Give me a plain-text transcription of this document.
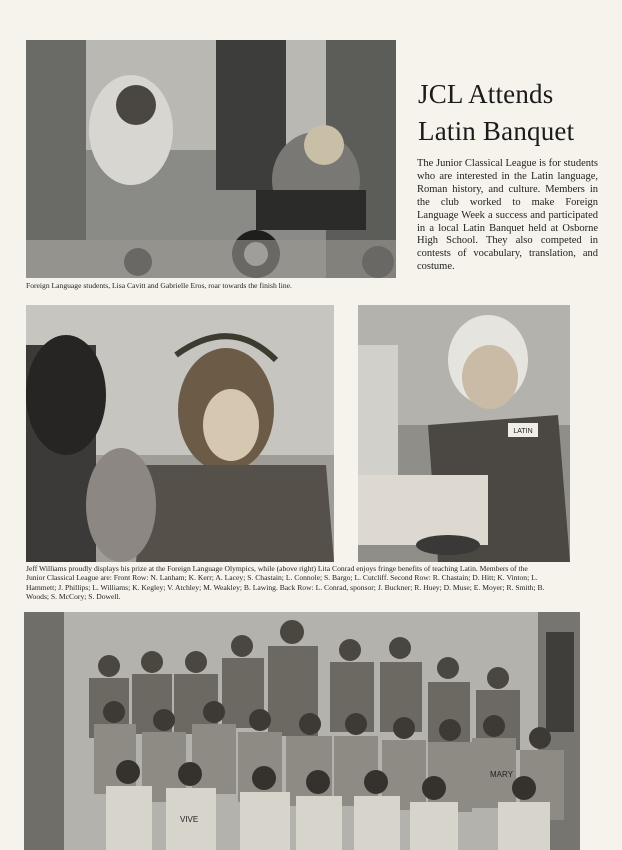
Foreign Language students, Lisa Cavitt and Gabrielle Eros, roar towards the finish line.

JCL Attends
Latin Banquet

The Junior Classical League is for students who are interested in the Latin language, Roman history, and culture. Members in the club worked to make Foreign Language Week a success and participated in a local Latin Banquet held at Osborne High School. They also competed in contests of vocabulary, translation, and costume.

LATIN

Jeff Williams proudly displays his prize at the Foreign Language Olympics, while (above right) Lita Conrad enjoys fringe benefits of teaching Latin. Members of the Junior Classical League are: Front Row: N. Lanham; K. Kerr; A. Lacey; S. Chastain; L. Connole; S. Bargo; L. Cutcliff. Second Row: R. Chastain; D. Hitt; K. Vinton; L. Hammett; J. Phillips; L. Williams; K. Kegley; V. Atchley; M. Weakley; B. Lawing. Back Row: L. Conrad, sponsor; J. Buckner; R. Huey; D. Muse; E. Moyer; R. Smith; B. Woods; S. McCory; S. Dowell.

MARY
VIVE
